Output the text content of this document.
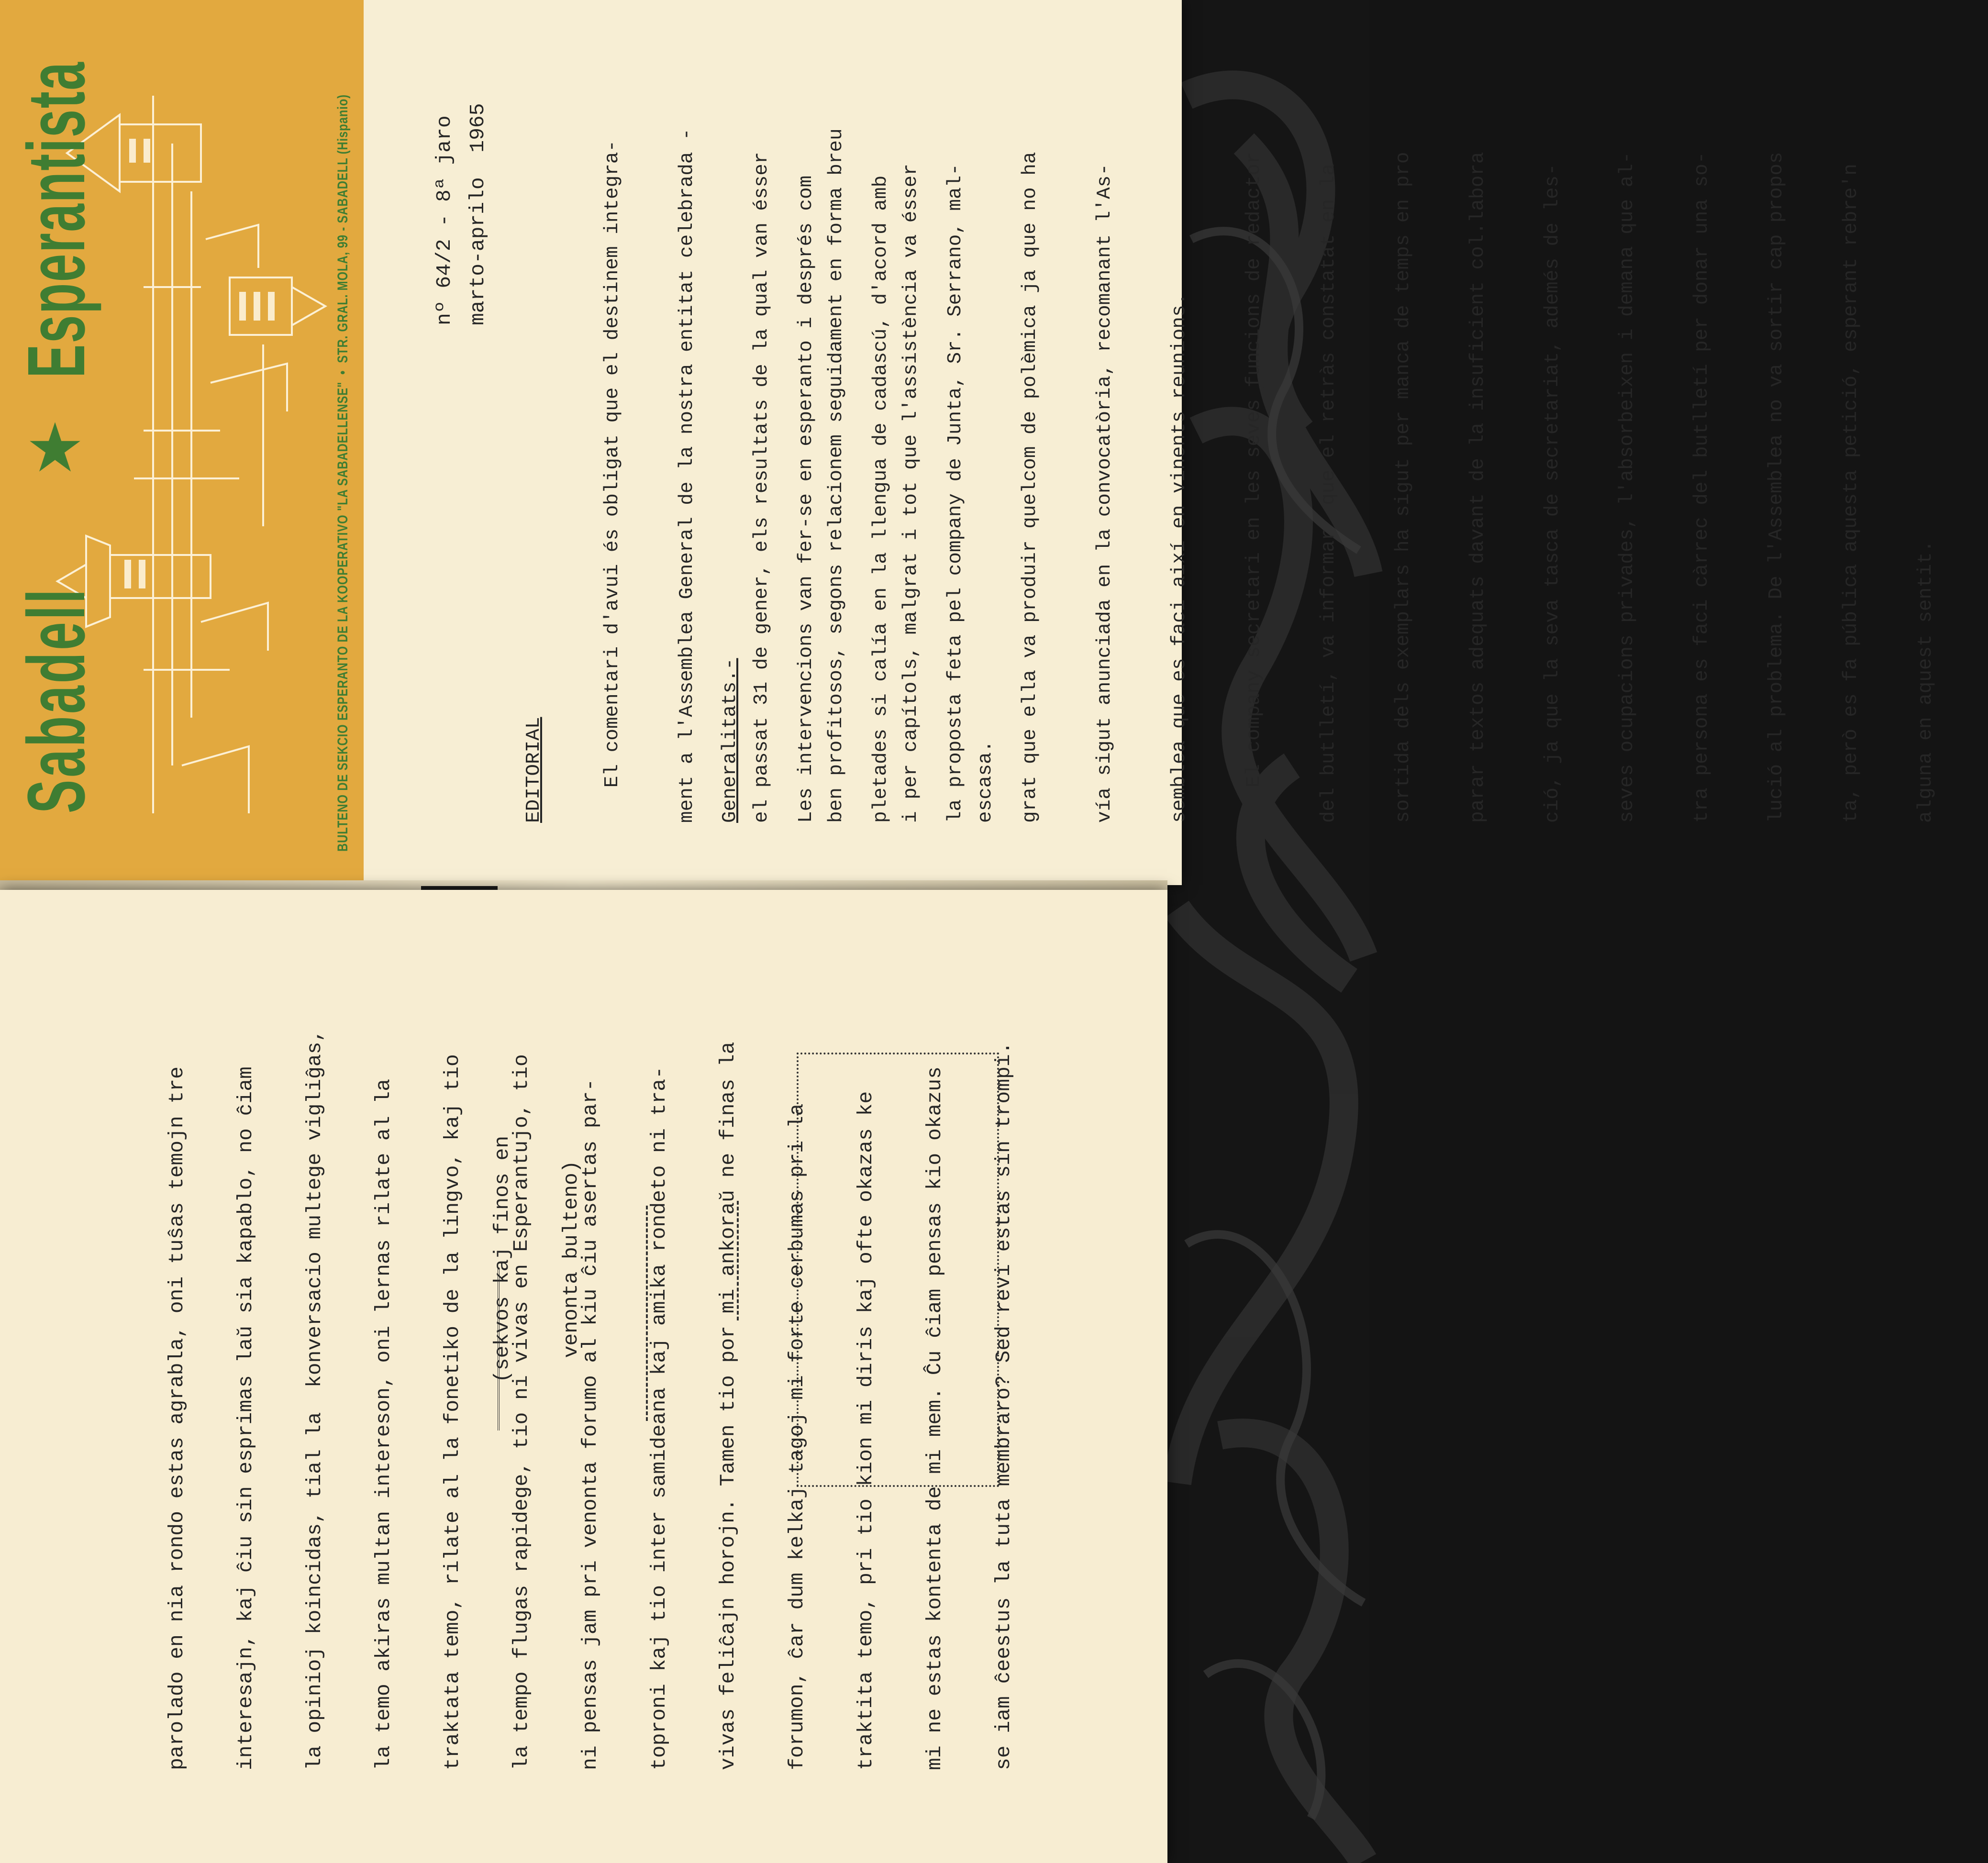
Sabadell
Esperantista	BULTENO DE SEKCIO ESPERANTO DE LA KOOPERATIVO "LA SABADELLENSE"  •  STR. GRAL. MOLA, 99 - SABADELL (Hispanio)	nº 64/2 - 8ª jaro marto-aprilo  1965
EDITORIAL

	El comentari d'avui és obligat que el destinem integra-

	ment a l'Assemblea General de la nostra entitat celebrada -

	el passat 31 de gener, els resultats de la qual van ésser

	ben profitosos, segons relacionem seguidament en forma breu

	i per capítols, malgrat i tot que l'assistència va ésser

	escasa.

Generalitats.-

	Les intervencions van fer-se en esperanto i després com

	pletades si calía en la llengua de cadascú, d'acord amb

	la proposta feta pel company de Junta, Sr. Serrano, mal-

	grat que ella va produir quelcom de polèmica ja que no ha

	vía sigut anunciada en la convocatòria, recomanant l'As-

	semblea que es faci així en vinents reunions.

	El company secretari en les seves funcions de redactor

	del butlletí, va informar  que el retràs constatat en la

	sortida dels exemplars ha sigut per manca de temps en pro

	parar textos adequats davant de la insuficient col.labora

	ció, ja que la seva tasca de secretariat, ademés de les-

	seves ocupacions privades, l'absorbeixen i demana que al-

	tra persona es faci càrrec del butlletí per donar una so-

	lució al problema. De l'Assemblea no va sortir cap propos

	ta, però es fa pública aquesta petició, esperant rebre'n

	alguna en aquest sentit.

parolado en nia rondo estas agrabla, oni tuŝas temojn tre

interesajn, kaj ĉiu sin esprimas laŭ sia kapablo, no ĉiam

la opinioj koincidas, tial la  konversacio multege vigliĝas,

la temo akiras multan intereson, oni lernas rilate al la

traktata temo, rilate al la fonetiko de la lingvo, kaj tio

la tempo flugas rapidege, tio ni vivas en Esperantujo, tio

ni pensas jam pri venonta forumo al kiu ĉiu asertas par-

toproni kaj tio inter samideana kaj amika rondeto ni tra-

vivas feliĉajn horojn. Tamen tio por mi ankoraŭ ne finas la

forumon, ĉar dum kelkaj tagoj mi forte cerbumas pri la

traktita temo, pri tio kion mi diris kaj ofte okazas ke

mi ne estas kontenta de mi mem. Ĉu ĉiam pensas kio okazus

se iam ĉeestus la tuta membraro? Sed revi estas sin trompi.

(sekvos kaj finos en

venonta bulteno)
